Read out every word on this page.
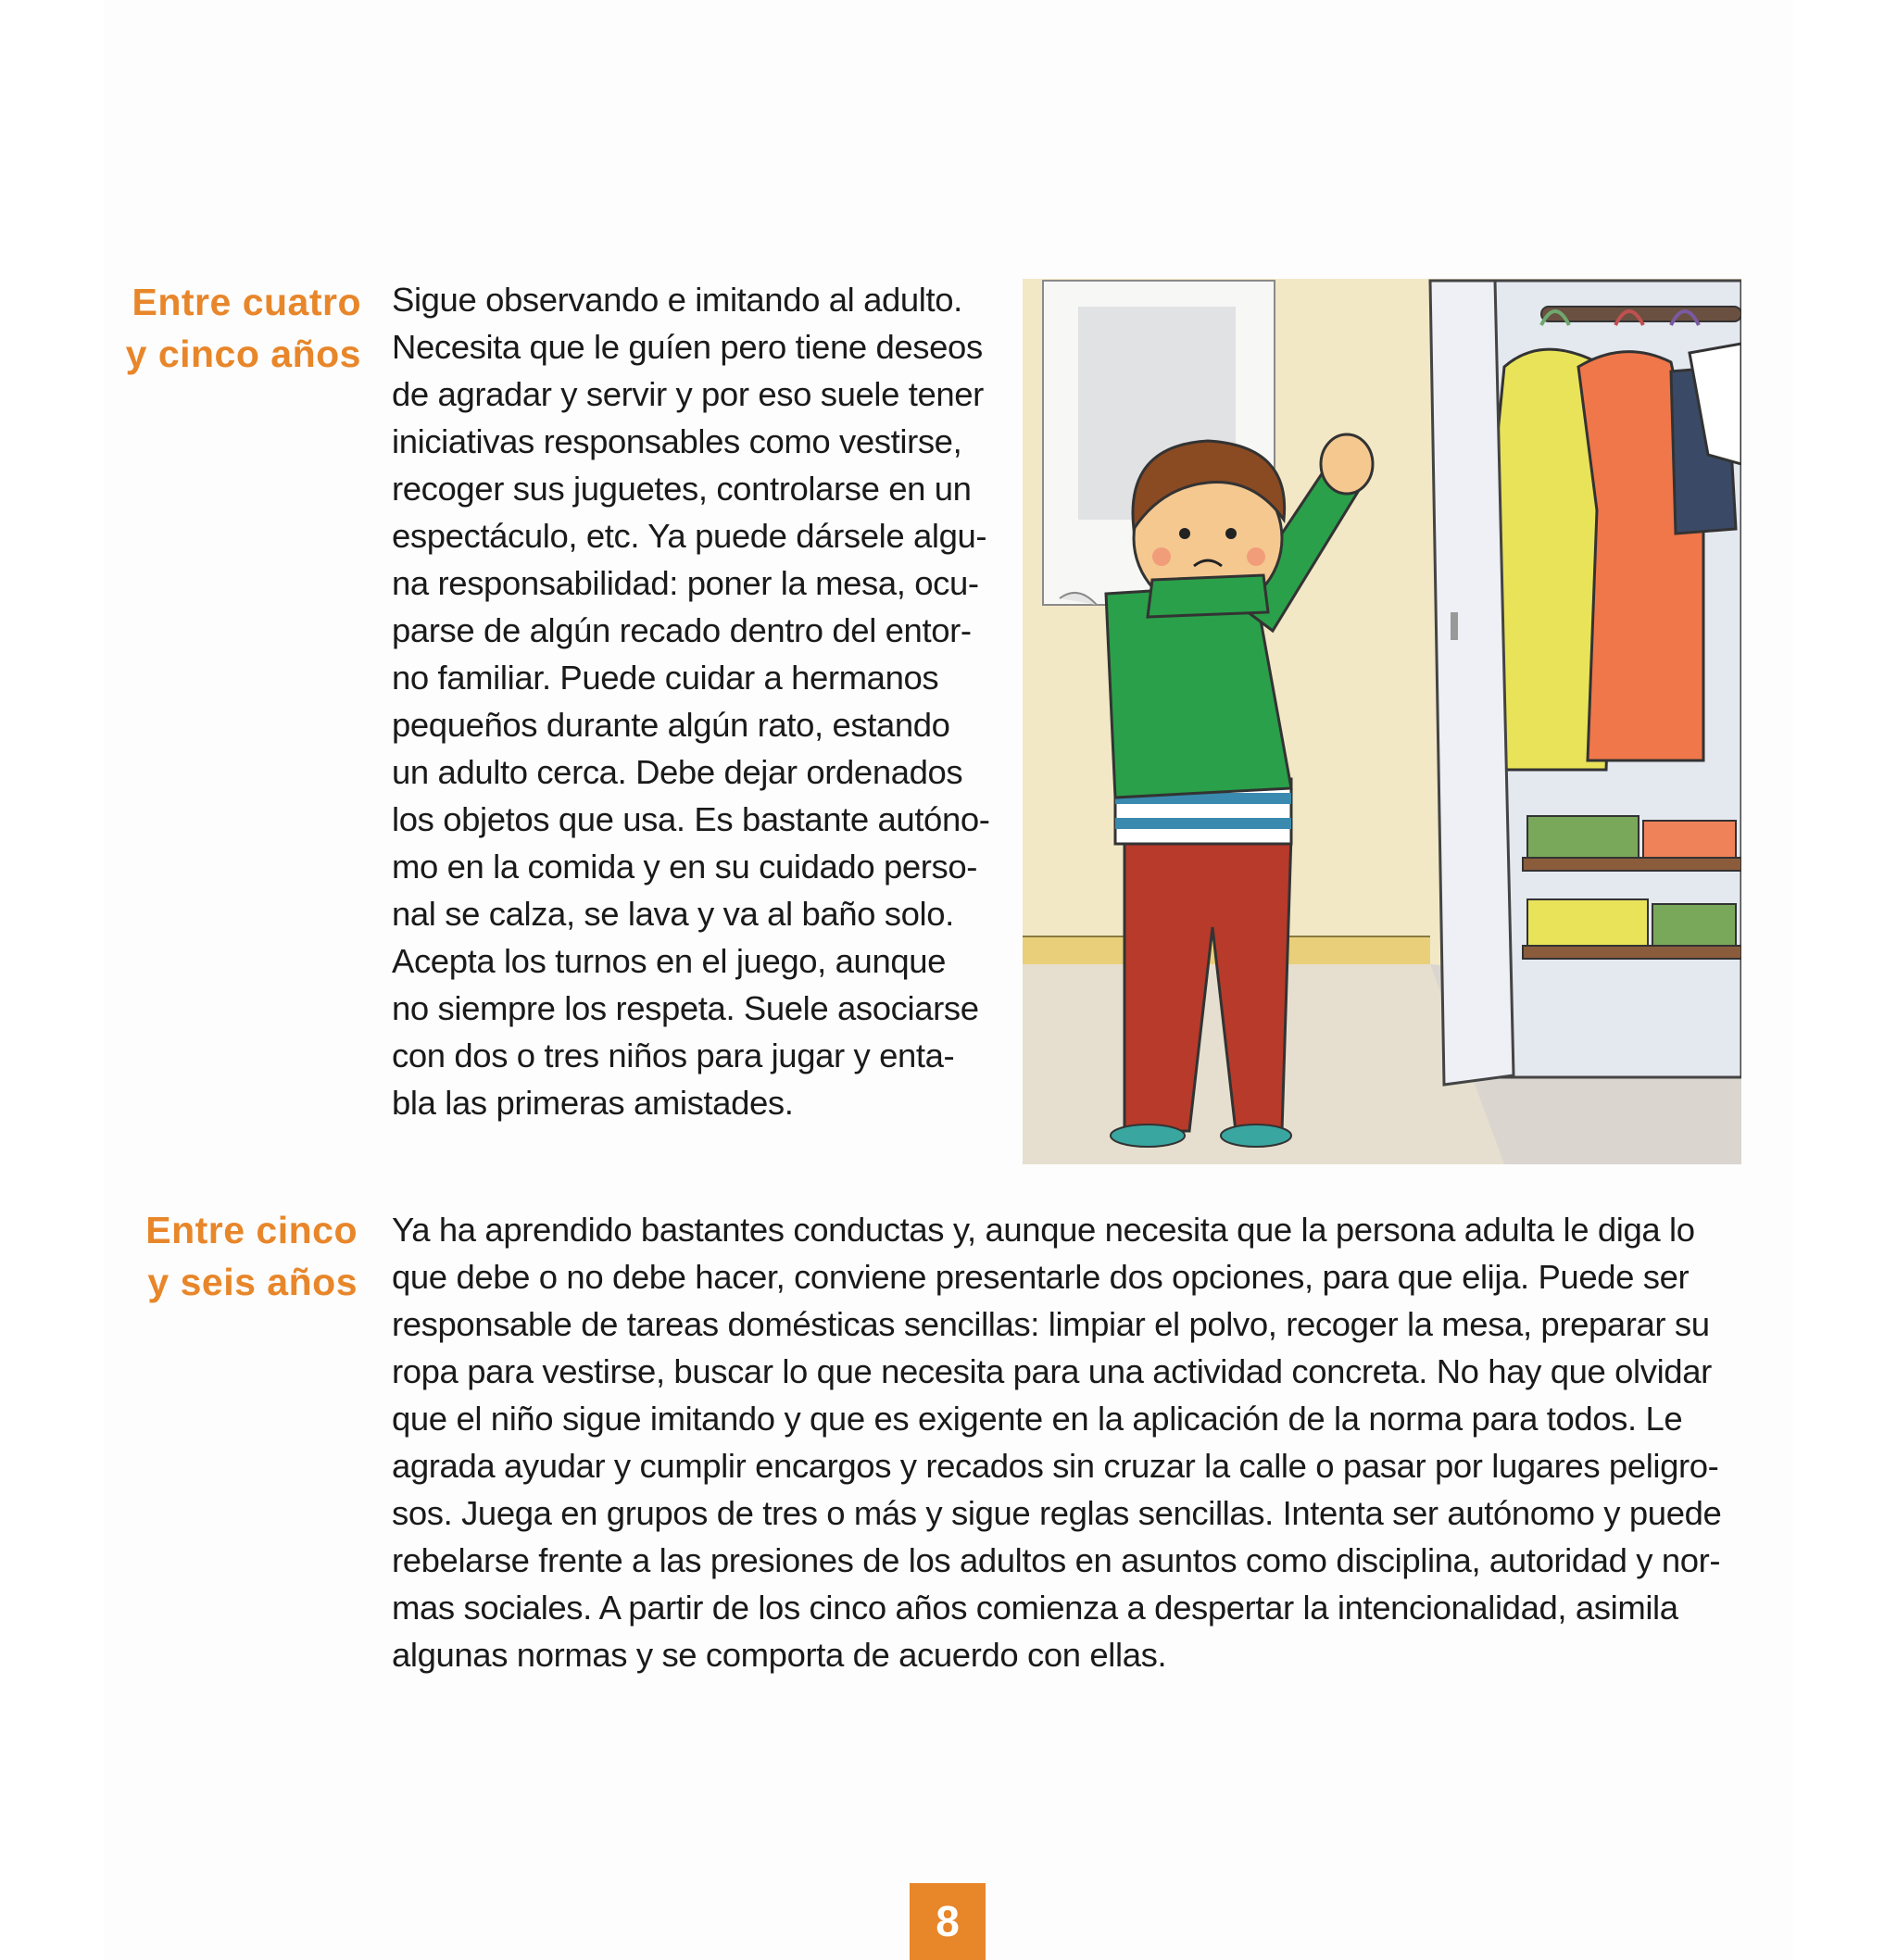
Entre cuatro
y cinco años
Sigue observando e imitando al adulto.
Necesita que le guíen pero tiene deseos
de agradar y servir y por eso suele tener
iniciativas responsables como vestirse,
recoger sus juguetes, controlarse en un
espectáculo, etc. Ya puede dársele algu-
na responsabilidad: poner la mesa, ocu-
parse de algún recado dentro del entor-
no familiar. Puede cuidar a hermanos
pequeños durante algún rato, estando
un adulto cerca. Debe dejar ordenados
los objetos que usa. Es bastante autóno-
mo en la comida y en su cuidado perso-
nal se calza, se lava y va al baño solo.
Acepta los turnos en el juego, aunque
no siempre los respeta. Suele asociarse
con dos o tres niños para jugar y enta-
bla las primeras amistades.
Entre cinco
y seis años
Ya ha aprendido bastantes conductas y, aunque necesita que la persona adulta le diga lo
que debe o no debe hacer, conviene presentarle dos opciones, para que elija. Puede ser
responsable de tareas domésticas sencillas: limpiar el polvo, recoger la mesa, preparar su
ropa para vestirse, buscar lo que necesita para una actividad concreta. No hay que olvidar
que el niño sigue imitando y que es exigente en la aplicación de la norma para todos. Le
agrada ayudar y cumplir encargos y recados sin cruzar la calle o pasar por lugares peligro-
sos. Juega en grupos de tres o más y sigue reglas sencillas. Intenta ser autónomo y puede
rebelarse frente a las presiones de los adultos en asuntos como disciplina, autoridad y nor-
mas sociales. A partir de los cinco años comienza a despertar la intencionalidad, asimila
algunas normas y se comporta de acuerdo con ellas.
8
